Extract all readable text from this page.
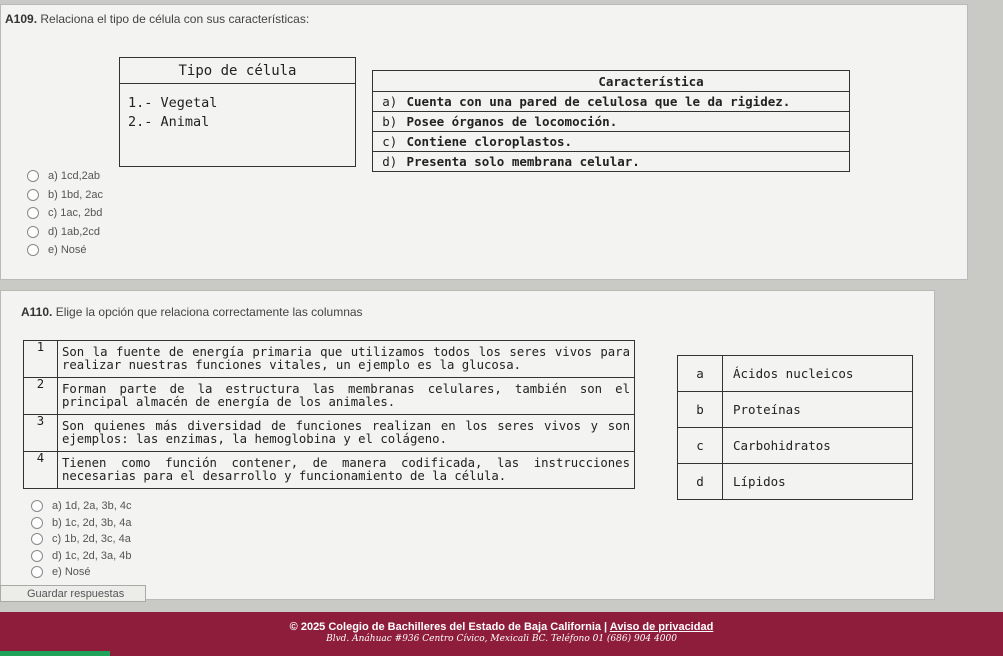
A109. Relaciona el tipo de célula con sus características:
Tipo de célula

1.- Vegetal
2.- Animal
Característica	
a)	Cuenta con una pared de celulosa que le da rigidez.
b)	Posee órganos de locomoción.
c)	Contiene cloroplastos.
d)	Presenta solo membrana celular.
a) 1cd,2ab
b) 1bd, 2ac
c) 1ac, 2bd
d) 1ab,2cd
e) Nosé
A110. Elige la opción que relaciona correctamente las columnas
1	Son la fuente de energía primaria que utilizamos todos los seres vivos para realizar nuestras funciones vitales, un ejemplo es la glucosa.
2	Forman parte de la estructura las membranas celulares, también son el principal almacén de energía de los animales.
3	Son quienes más diversidad de funciones realizan en los seres vivos y son ejemplos: las enzimas, la hemoglobina y el colágeno.
4	Tienen como función contener, de manera codificada, las instrucciones necesarias para el desarrollo y funcionamiento de la célula.
a	Ácidos nucleicos
b	Proteínas
c	Carbohidratos
d	Lípidos
a) 1d, 2a, 3b, 4c
b) 1c, 2d, 3b, 4a
c) 1b, 2d, 3c, 4a
d) 1c, 2d, 3a, 4b
e) Nosé
Guardar respuestas
© 2025 Colegio de Bachilleres del Estado de Baja California | Aviso de privacidad
Blvd. Anáhuac #936 Centro Cívico, Mexicali BC. Teléfono 01 (686) 904 4000
